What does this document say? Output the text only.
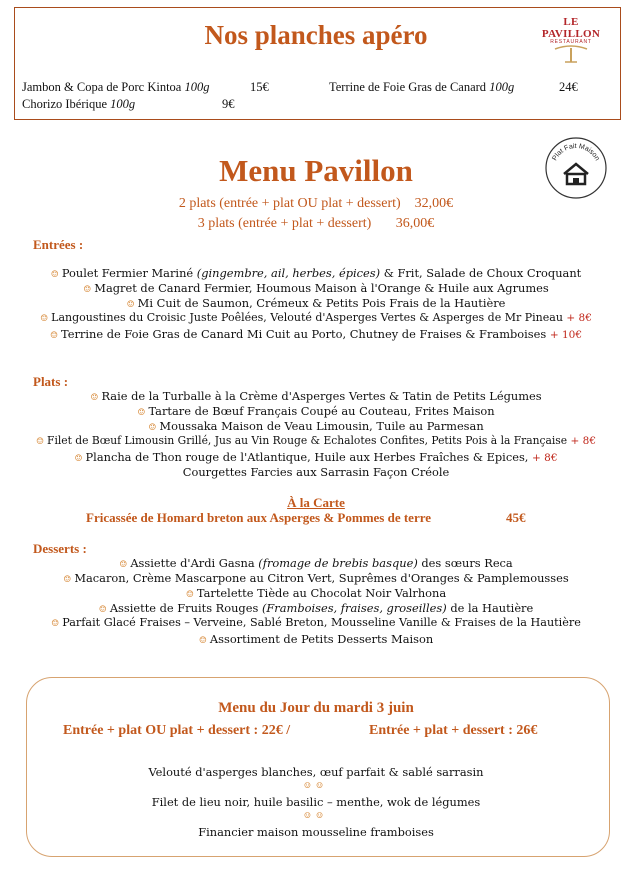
Nos planches apéro	LE PAVILLON
RESTAURANT
Jambon & Copa de Porc Kintoa 100g	15€	Terrine de Foie Gras de Canard 100g	24€
Chorizo Ibérique 100g	9€
Plat Fait Maison
Menu Pavillon
2 plats (entrée + plat OU plat + dessert)    32,00€
3 plats (entrée + plat + dessert)       36,00€
Entrées :
☺ Poulet Fermier Mariné (gingembre, ail, herbes, épices) & Frit, Salade de Choux Croquant
☺ Magret de Canard Fermier, Houmous Maison à l'Orange & Huile aux Agrumes
☺ Mi Cuit de Saumon, Crémeux & Petits Pois Frais de la Hautière
☺ Langoustines du Croisic Juste Poêlées, Velouté d'Asperges Vertes & Asperges de Mr Pineau + 8€
☺ Terrine de Foie Gras de Canard Mi Cuit au Porto, Chutney de Fraises & Framboises + 10€
Plats :
☺ Raie de la Turballe à la Crème d'Asperges Vertes & Tatin de Petits Légumes
☺ Tartare de Bœuf Français Coupé au Couteau, Frites Maison
☺ Moussaka Maison de Veau Limousin, Tuile au Parmesan
☺ Filet de Bœuf Limousin Grillé, Jus au Vin Rouge & Echalotes Confites, Petits Pois à la Française + 8€
☺ Plancha de Thon rouge de l'Atlantique, Huile aux Herbes Fraîches & Epices, + 8€
Courgettes Farcies aux Sarrasin Façon Créole
À la Carte
Fricassée de Homard breton aux Asperges & Pommes de terre	45€
Desserts :
☺ Assiette d'Ardi Gasna (fromage de brebis basque) des sœurs Reca
☺ Macaron, Crème Mascarpone au Citron Vert, Suprêmes d'Oranges & Pamplemousses
☺ Tartelette Tiède au Chocolat Noir Valrhona
☺ Assiette de Fruits Rouges (Framboises, fraises, groseilles) de la Hautière
☺ Parfait Glacé Fraises – Verveine, Sablé Breton, Mousseline Vanille & Fraises de la Hautière
☺ Assortiment de Petits Desserts Maison
Menu du Jour du mardi 3 juin
Entrée + plat OU plat + dessert : 22€ /	Entrée + plat + dessert : 26€
Velouté d'asperges blanches, œuf parfait & sablé sarrasin
☺☺
Filet de lieu noir, huile basilic – menthe, wok de légumes
☺☺
Financier maison mousseline framboises
